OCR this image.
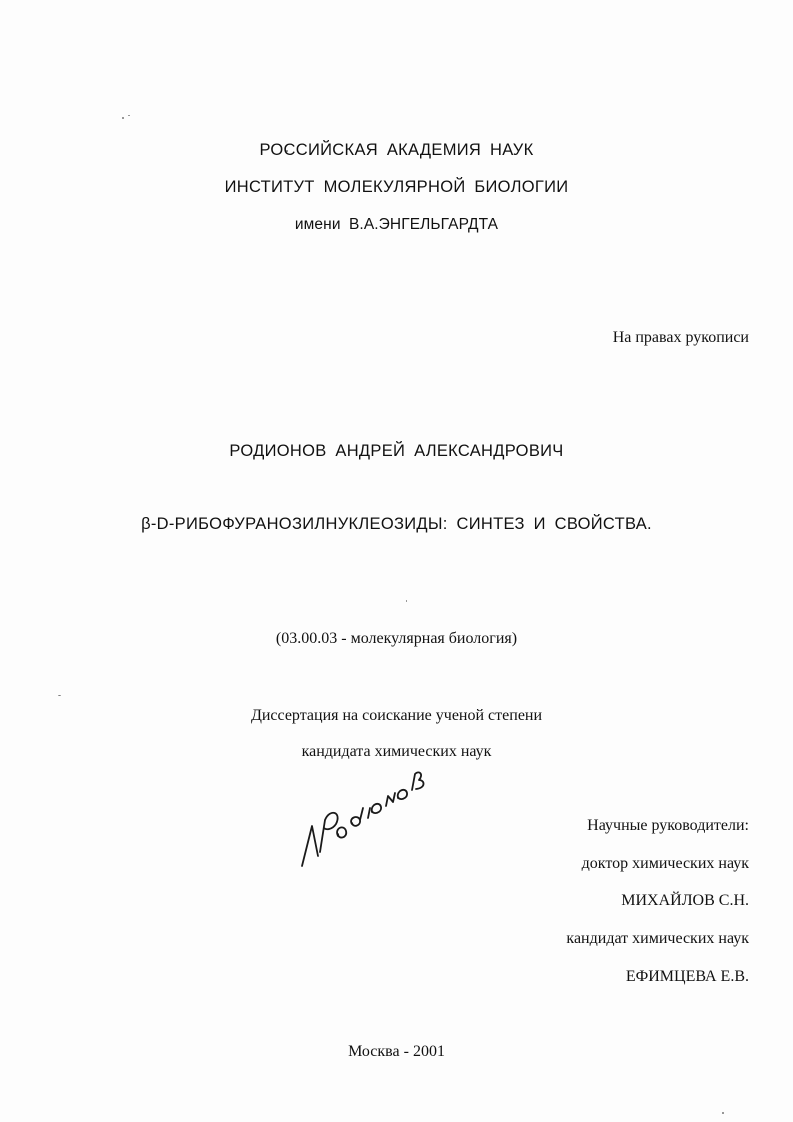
РОССИЙСКАЯ АКАДЕМИЯ НАУК
ИНСТИТУТ МОЛЕКУЛЯРНОЙ БИОЛОГИИ
имени В.А.ЭНГЕЛЬГАРДТА
На правах рукописи
РОДИОНОВ АНДРЕЙ АЛЕКСАНДРОВИЧ
β-D-РИБОФУРАНОЗИЛНУКЛЕОЗИДЫ: СИНТЕЗ И СВОЙСТВА.
(03.00.03 - молекулярная биология)
Диссертация на соискание ученой степени
кандидата химических наук
Научные руководители:
доктор химических наук
МИХАЙЛОВ С.Н.
кандидат химических наук
ЕФИМЦЕВА Е.В.
Москва - 2001
